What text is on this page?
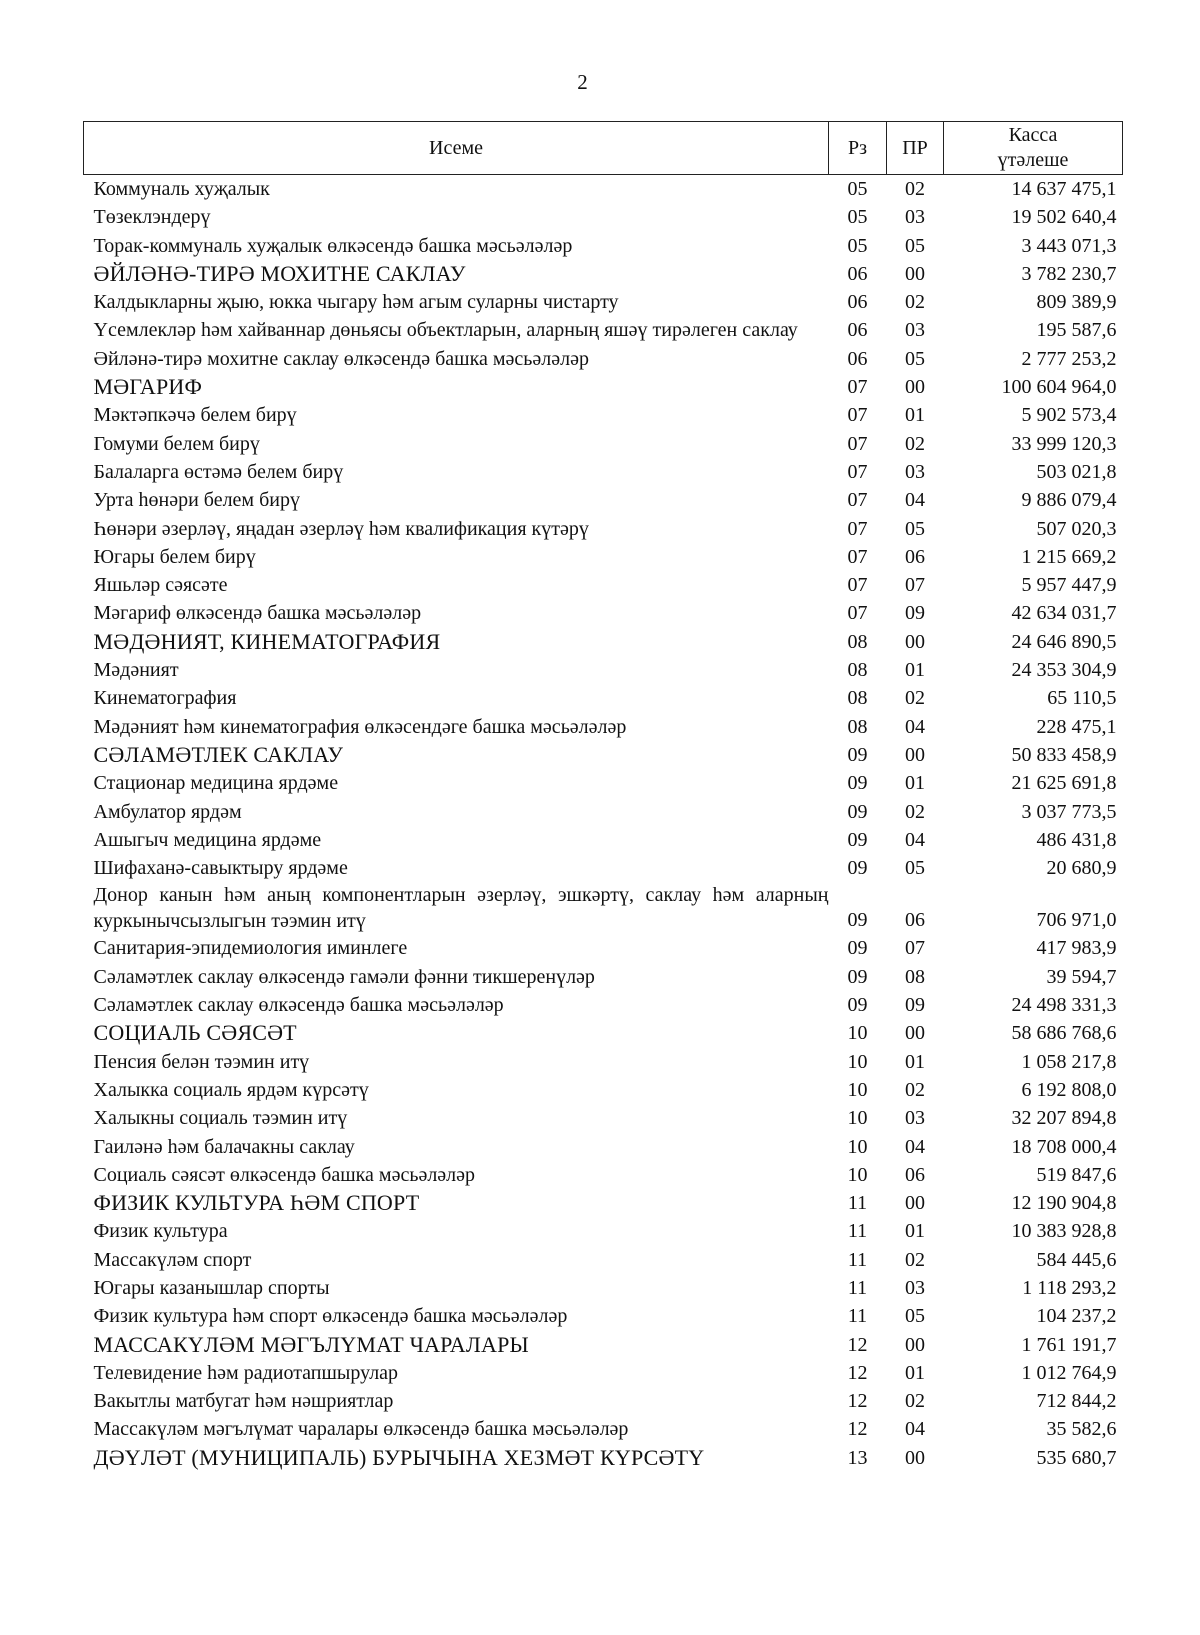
2
Исеме	Рз	ПР	Касса
үтәлеше
Коммуналь хуҗалык	05	02	14 637 475,1
Төзеклэндерү	05	03	19 502 640,4
Торак-коммуналь хуҗалык өлкәсендә башка мәсьәләләр	05	05	3 443 071,3
ӘЙЛӘНӘ-ТИРӘ МОХИТНЕ САКЛАУ	06	00	3 782 230,7
Калдыкларны җыю, юкка чыгару һәм агым суларны чистарту	06	02	809 389,9
Үсемлекләр һәм хайваннар дөньясы объектларын, аларның яшәү тирәлеген саклау	06	03	195 587,6
Әйләнә-тирә мохитне саклау өлкәсендә башка мәсьәләләр	06	05	2 777 253,2
МӘГАРИФ	07	00	100 604 964,0
Мәктәпкәчә белем бирү	07	01	5 902 573,4
Гомуми белем бирү	07	02	33 999 120,3
Балаларга өстәмә белем бирү	07	03	503 021,8
Урта һөнәри белем бирү	07	04	9 886 079,4
Һөнәри әзерләү, яңадан әзерләү һәм квалификация күтәрү	07	05	507 020,3
Югары белем бирү	07	06	1 215 669,2
Яшьләр сәясәте	07	07	5 957 447,9
Мәгариф өлкәсендә башка мәсьәләләр	07	09	42 634 031,7
МӘДӘНИЯТ, КИНЕМАТОГРАФИЯ	08	00	24 646 890,5
Мәдәният	08	01	24 353 304,9
Кинематография	08	02	65 110,5
Мәдәният һәм кинематография өлкәсендәге башка мәсьәләләр	08	04	228 475,1
СӘЛАМӘТЛЕК САКЛАУ	09	00	50 833 458,9
Стационар медицина ярдәме	09	01	21 625 691,8
Амбулатор ярдәм	09	02	3 037 773,5
Ашыгыч медицина ярдәме	09	04	486 431,8
Шифаханә-савыктыру ярдәме	09	05	20 680,9
Донор канын һәм аның компонентларын әзерләү, эшкәртү, саклау һәм аларның куркынычсызлыгын тәэмин итү	09	06	706 971,0
Санитария-эпидемиология иминлеге	09	07	417 983,9
Сәламәтлек саклау өлкәсендә гамәли фәнни тикшеренүләр	09	08	39 594,7
Сәламәтлек саклау өлкәсендә башка мәсьәләләр	09	09	24 498 331,3
СОЦИАЛЬ СӘЯСӘТ	10	00	58 686 768,6
Пенсия белән тәэмин итү	10	01	1 058 217,8
Халыкка социаль ярдәм күрсәтү	10	02	6 192 808,0
Халыкны социаль тәэмин итү	10	03	32 207 894,8
Гаиләнә һәм балачакны саклау	10	04	18 708 000,4
Социаль сәясәт өлкәсендә башка мәсьәләләр	10	06	519 847,6
ФИЗИК КУЛЬТУРА ҺӘМ СПОРТ	11	00	12 190 904,8
Физик культура	11	01	10 383 928,8
Массакүләм спорт	11	02	584 445,6
Югары казанышлар спорты	11	03	1 118 293,2
Физик культура һәм спорт өлкәсендә башка мәсьәләләр	11	05	104 237,2
МАССАКҮЛӘМ МӘГЪЛҮМАТ ЧАРАЛАРЫ	12	00	1 761 191,7
Телевидение һәм радиотапшырулар	12	01	1 012 764,9
Вакытлы матбугат һәм нәшриятлар	12	02	712 844,2
Массакүләм мәгълүмат чаралары өлкәсендә башка мәсьәләләр	12	04	35 582,6
ДӘҮЛӘТ (МУНИЦИПАЛЬ) БУРЫЧЫНА ХЕЗМӘТ КҮРСӘТҮ	13	00	535 680,7
